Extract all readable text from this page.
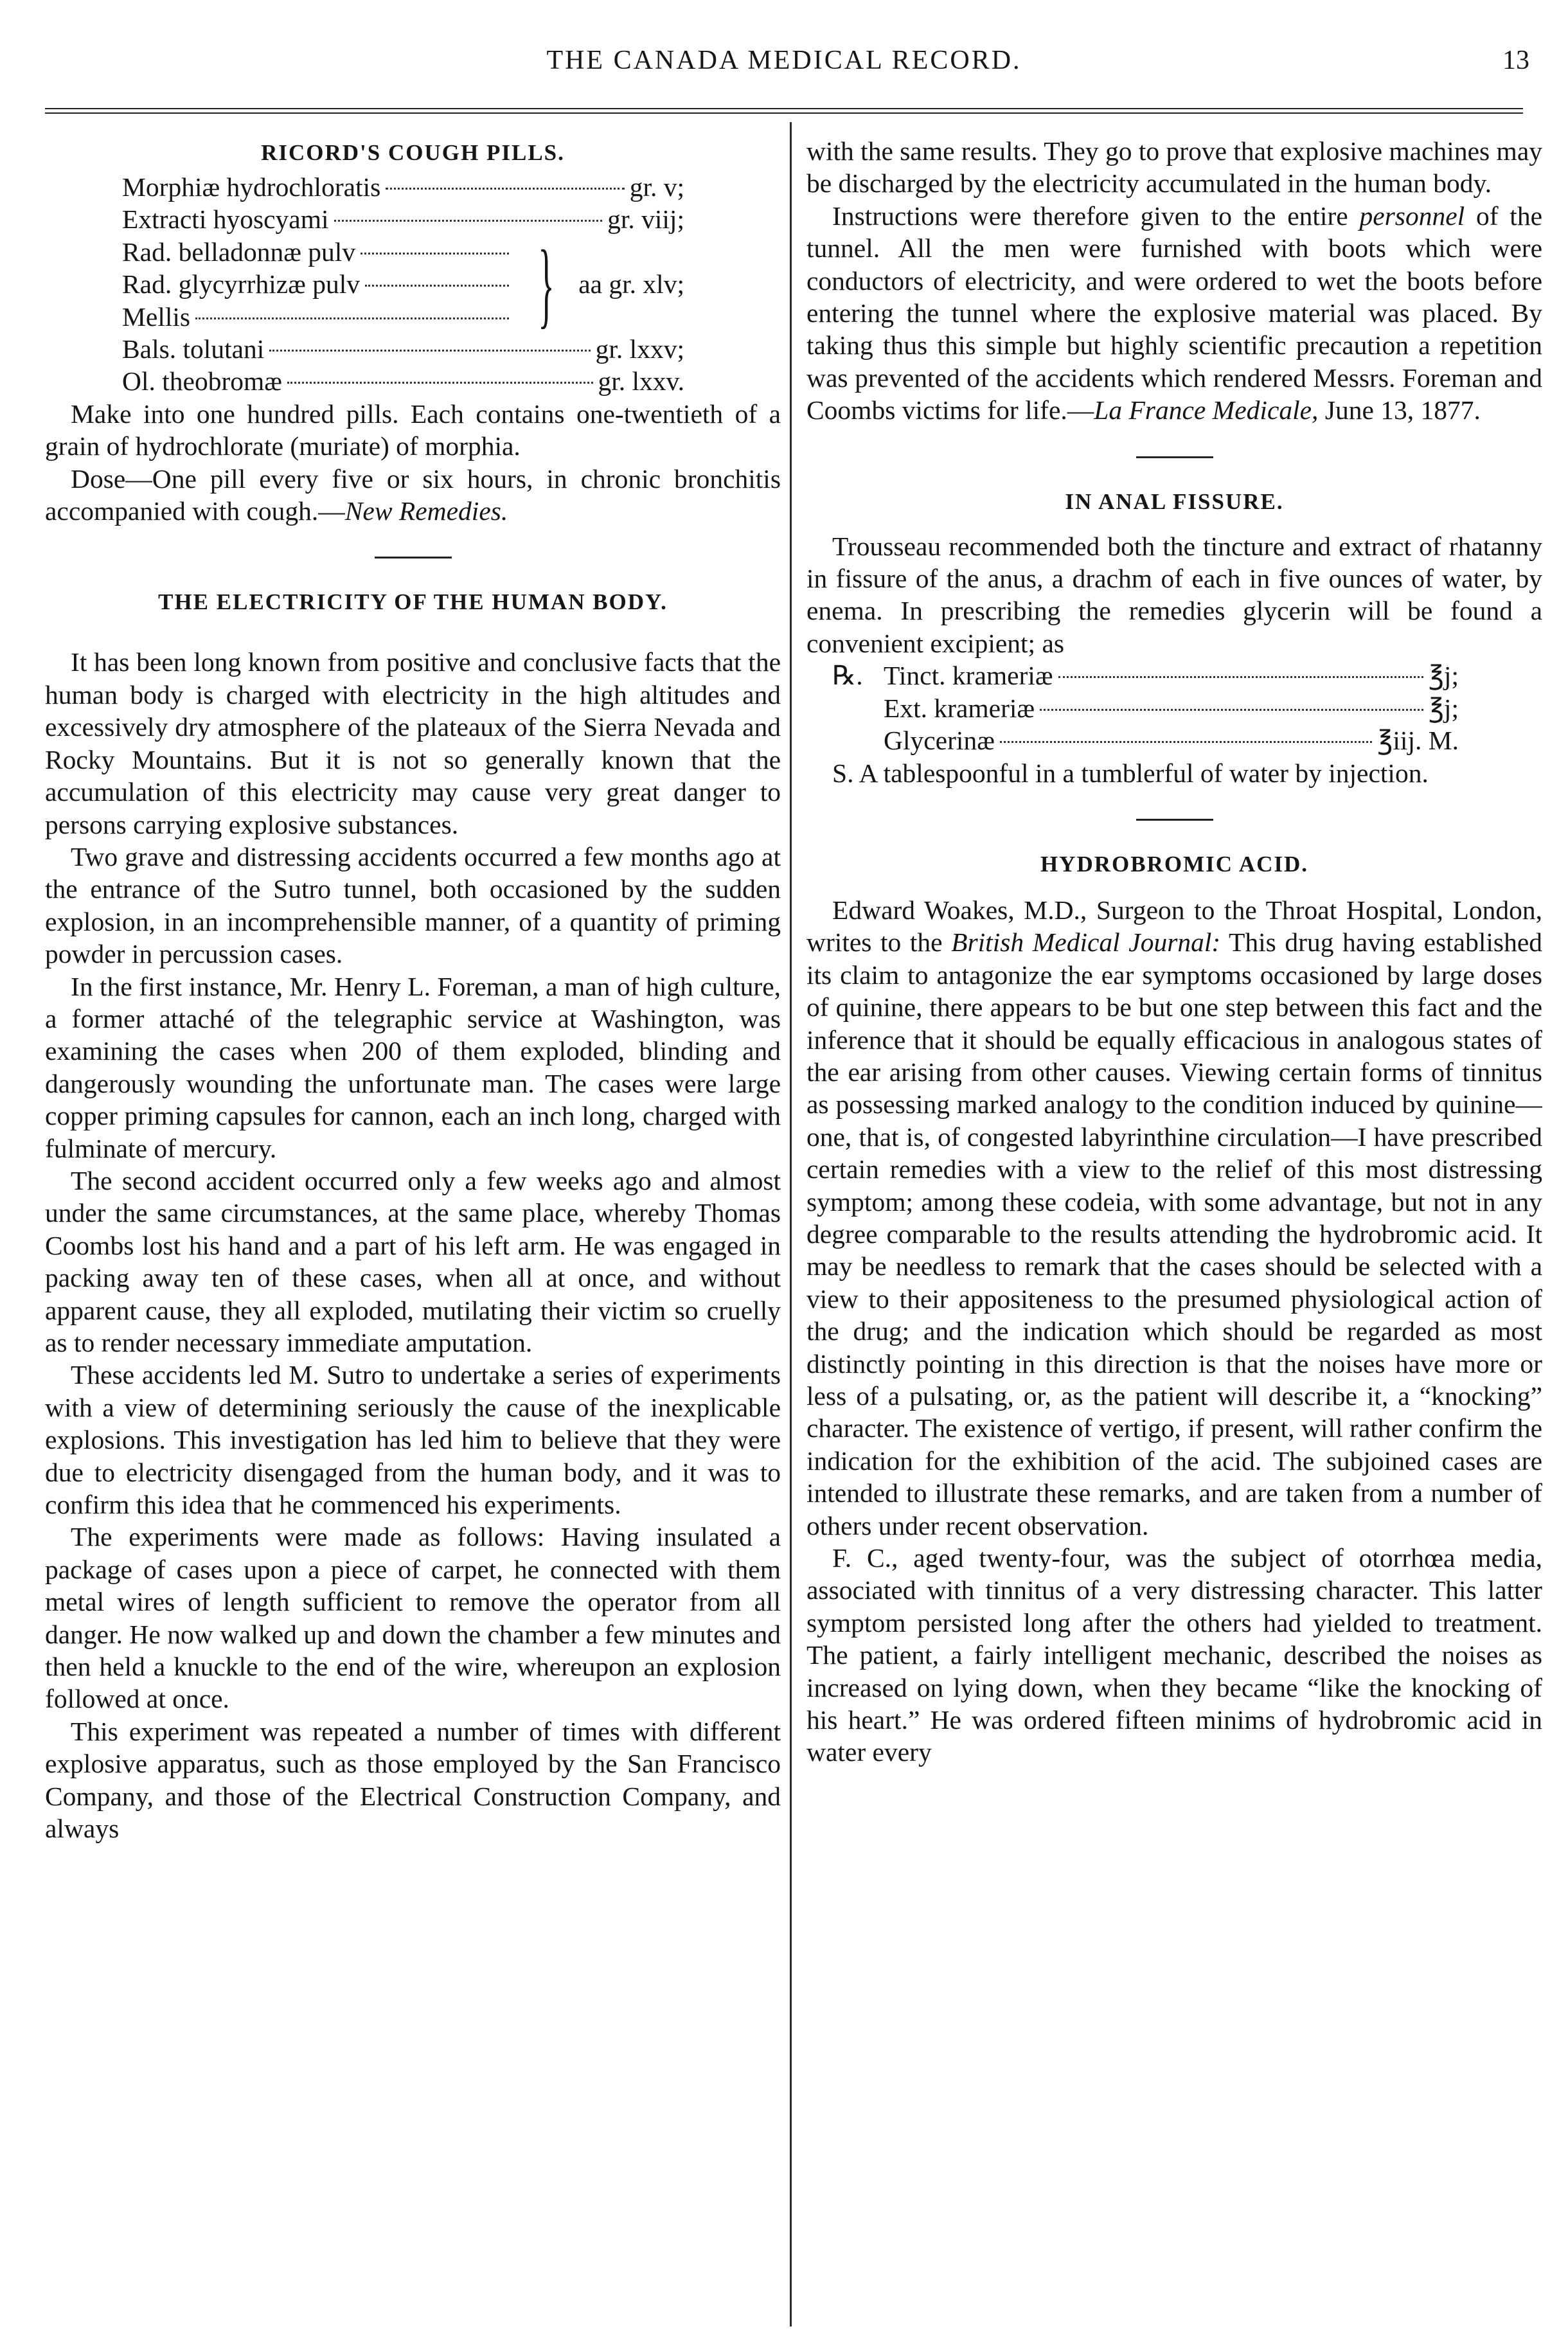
THE CANADA MEDICAL RECORD.	13
RICORD'S COUGH PILLS.
Morphiæ hydrochloratis	gr. v;
Extracti hyoscyami	gr. viij;
Rad. belladonnæ pulv
Rad. glycyrrhizæ pulv
Mellis	} aa gr. xlv;
Bals. tolutani	gr. lxxv;
Ol. theobromæ	gr. lxxv.

Make into one hundred pills. Each contains one-twentieth of a grain of hydrochlorate (muriate) of morphia.

Dose—One pill every five or six hours, in chronic bronchitis accompanied with cough.—New Remedies.

THE ELECTRICITY OF THE HUMAN BODY.

It has been long known from positive and conclusive facts that the human body is charged with electricity in the high altitudes and excessively dry atmosphere of the plateaux of the Sierra Nevada and Rocky Mountains. But it is not so generally known that the accumulation of this electricity may cause very great danger to persons carrying explosive substances.

Two grave and distressing accidents occurred a few months ago at the entrance of the Sutro tunnel, both occasioned by the sudden explosion, in an incomprehensible manner, of a quantity of priming powder in percussion cases.

In the first instance, Mr. Henry L. Foreman, a man of high culture, a former attaché of the telegraphic service at Washington, was examining the cases when 200 of them exploded, blinding and dangerously wounding the unfortunate man. The cases were large copper priming capsules for cannon, each an inch long, charged with fulminate of mercury.

The second accident occurred only a few weeks ago and almost under the same circumstances, at the same place, whereby Thomas Coombs lost his hand and a part of his left arm. He was engaged in packing away ten of these cases, when all at once, and without apparent cause, they all exploded, mutilating their victim so cruelly as to render necessary immediate amputation.

These accidents led M. Sutro to undertake a series of experiments with a view of determining seriously the cause of the inexplicable explosions. This investigation has led him to believe that they were due to electricity disengaged from the human body, and it was to confirm this idea that he commenced his experiments.

The experiments were made as follows: Having insulated a package of cases upon a piece of carpet, he connected with them metal wires of length sufficient to remove the operator from all danger. He now walked up and down the chamber a few minutes and then held a knuckle to the end of the wire, whereupon an explosion followed at once.

This experiment was repeated a number of times with different explosive apparatus, such as those employed by the San Francisco Company, and those of the Electrical Construction Company, and always

with the same results. They go to prove that explosive machines may be discharged by the electricity accumulated in the human body.

Instructions were therefore given to the entire personnel of the tunnel. All the men were furnished with boots which were conductors of electricity, and were ordered to wet the boots before entering the tunnel where the explosive material was placed. By taking thus this simple but highly scientific precaution a repetition was prevented of the accidents which rendered Messrs. Foreman and Coombs victims for life.—La France Medicale, June 13, 1877.

IN ANAL FISSURE.

Trousseau recommended both the tincture and extract of rhatanny in fissure of the anus, a drachm of each in five ounces of water, by enema. In prescribing the remedies glycerin will be found a convenient excipient; as

℞. Tinct. krameriæ	℥j;
Ext. krameriæ	℥j;
Glycerinæ	℥iij. M.

S. A tablespoonful in a tumblerful of water by injection.

HYDROBROMIC ACID.

Edward Woakes, M.D., Surgeon to the Throat Hospital, London, writes to the British Medical Journal: This drug having established its claim to antagonize the ear symptoms occasioned by large doses of quinine, there appears to be but one step between this fact and the inference that it should be equally efficacious in analogous states of the ear arising from other causes. Viewing certain forms of tinnitus as possessing marked analogy to the condition induced by quinine—one, that is, of congested labyrinthine circulation—I have prescribed certain remedies with a view to the relief of this most distressing symptom; among these codeia, with some advantage, but not in any degree comparable to the results attending the hydrobromic acid. It may be needless to remark that the cases should be selected with a view to their appositeness to the presumed physiological action of the drug; and the indication which should be regarded as most distinctly pointing in this direction is that the noises have more or less of a pulsating, or, as the patient will describe it, a “knocking” character. The existence of vertigo, if present, will rather confirm the indication for the exhibition of the acid. The subjoined cases are intended to illustrate these remarks, and are taken from a number of others under recent observation.

F. C., aged twenty-four, was the subject of otorrhœa media, associated with tinnitus of a very distressing character. This latter symptom persisted long after the others had yielded to treatment. The patient, a fairly intelligent mechanic, described the noises as increased on lying down, when they became “like the knocking of his heart.” He was ordered fifteen minims of hydrobromic acid in water every
